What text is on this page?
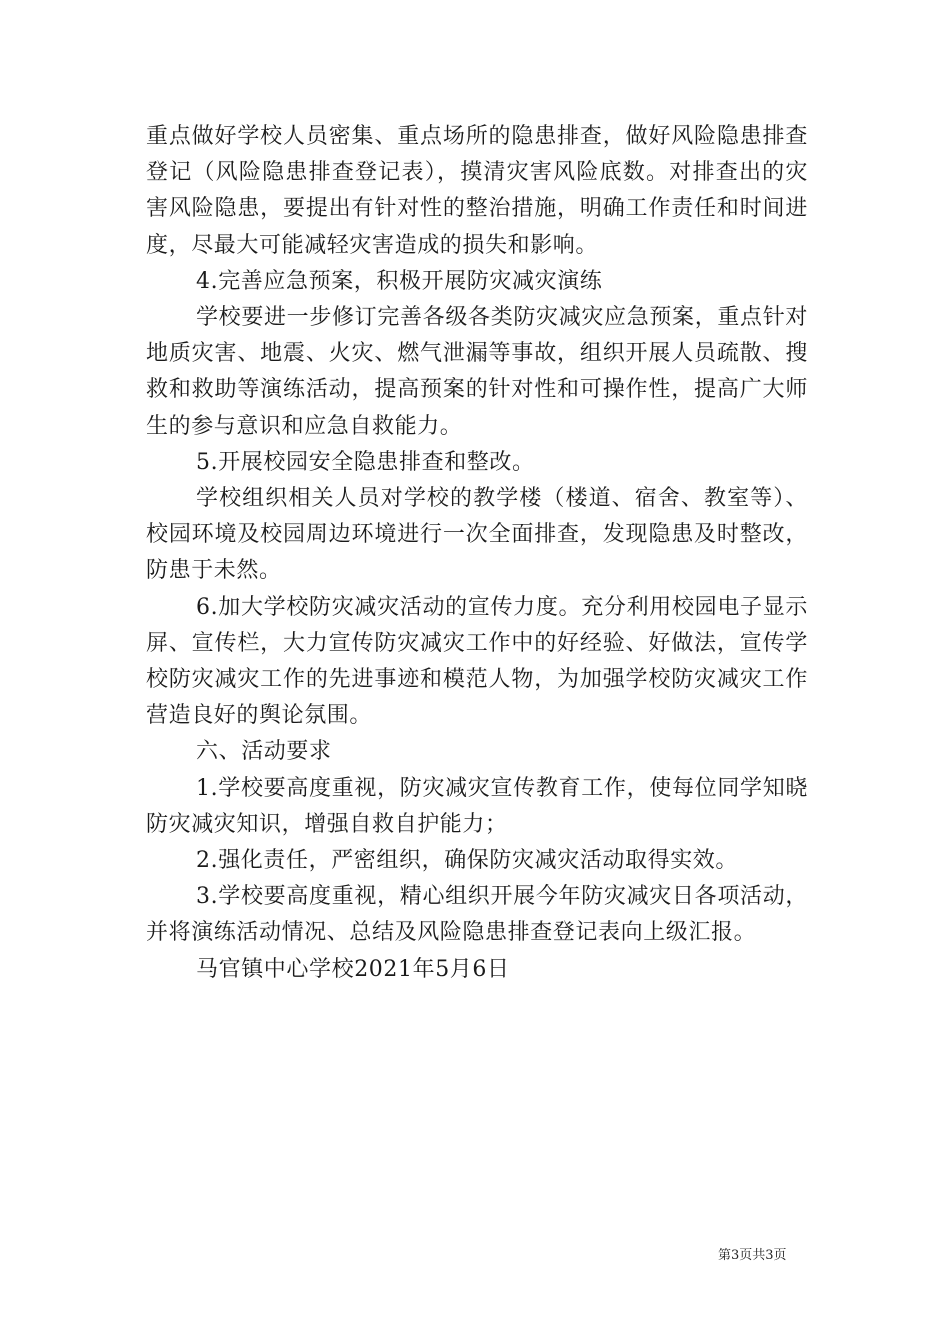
重点做好学校人员密集、重点场所的隐患排查，做好风险隐患排查登记（风险隐患排查登记表），摸清灾害风险底数。对排查出的灾害风险隐患，要提出有针对性的整治措施，明确工作责任和时间进度，尽最大可能减轻灾害造成的损失和影响。

4.完善应急预案，积极开展防灾减灾演练

学校要进一步修订完善各级各类防灾减灾应急预案，重点针对地质灾害、地震、火灾、燃气泄漏等事故，组织开展人员疏散、搜救和救助等演练活动，提高预案的针对性和可操作性，提高广大师生的参与意识和应急自救能力。

5.开展校园安全隐患排查和整改。

学校组织相关人员对学校的教学楼（楼道、宿舍、教室等）、校园环境及校园周边环境进行一次全面排查，发现隐患及时整改，防患于未然。

6.加大学校防灾减灾活动的宣传力度。充分利用校园电子显示屏、宣传栏，大力宣传防灾减灾工作中的好经验、好做法，宣传学校防灾减灾工作的先进事迹和模范人物，为加强学校防灾减灾工作营造良好的舆论氛围。

六、活动要求

1.学校要高度重视，防灾减灾宣传教育工作，使每位同学知晓防灾减灾知识，增强自救自护能力；

2.强化责任，严密组织，确保防灾减灾活动取得实效。

3.学校要高度重视，精心组织开展今年防灾减灾日各项活动，并将演练活动情况、总结及风险隐患排查登记表向上级汇报。

马官镇中心学校2021年5月6日

第3页共3页
